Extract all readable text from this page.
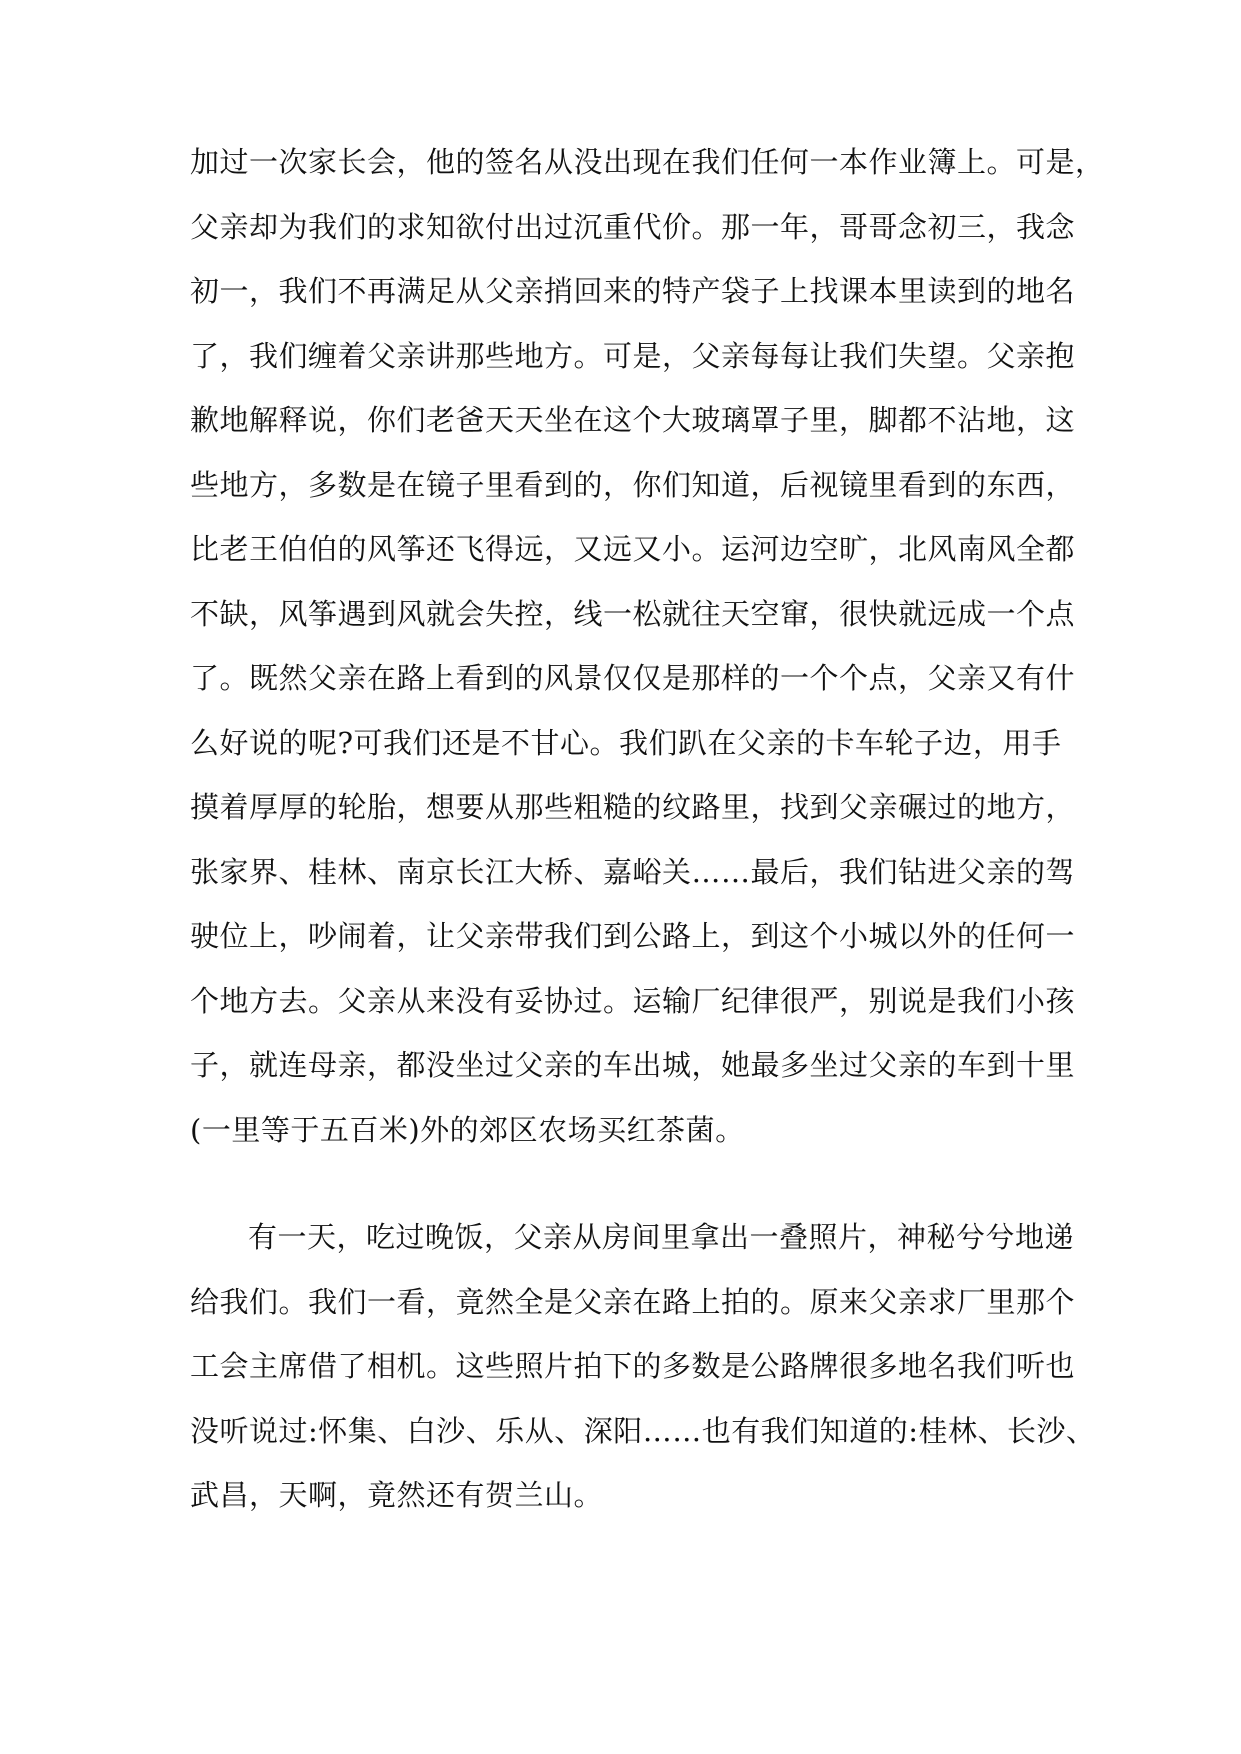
加过一次家长会，他的签名从没出现在我们任何一本作业簿上。可是，
父亲却为我们的求知欲付出过沉重代价。那一年，哥哥念初三，我念
初一，我们不再满足从父亲捎回来的特产袋子上找课本里读到的地名
了，我们缠着父亲讲那些地方。可是，父亲每每让我们失望。父亲抱
歉地解释说，你们老爸天天坐在这个大玻璃罩子里，脚都不沾地，这
些地方，多数是在镜子里看到的，你们知道，后视镜里看到的东西，
比老王伯伯的风筝还飞得远，又远又小。运河边空旷，北风南风全都
不缺，风筝遇到风就会失控，线一松就往天空窜，很快就远成一个点
了。既然父亲在路上看到的风景仅仅是那样的一个个点，父亲又有什
么好说的呢?可我们还是不甘心。我们趴在父亲的卡车轮子边，用手
摸着厚厚的轮胎，想要从那些粗糙的纹路里，找到父亲碾过的地方，
张家界、桂林、南京长江大桥、嘉峪关……最后，我们钻进父亲的驾
驶位上，吵闹着，让父亲带我们到公路上，到这个小城以外的任何一
个地方去。父亲从来没有妥协过。运输厂纪律很严，别说是我们小孩
子，就连母亲，都没坐过父亲的车出城，她最多坐过父亲的车到十里
(一里等于五百米)外的郊区农场买红茶菌。
有一天，吃过晚饭，父亲从房间里拿出一叠照片，神秘兮兮地递
给我们。我们一看，竟然全是父亲在路上拍的。原来父亲求厂里那个
工会主席借了相机。这些照片拍下的多数是公路牌很多地名我们听也
没听说过:怀集、白沙、乐从、深阳……也有我们知道的:桂林、长沙、
武昌，天啊，竟然还有贺兰山。
